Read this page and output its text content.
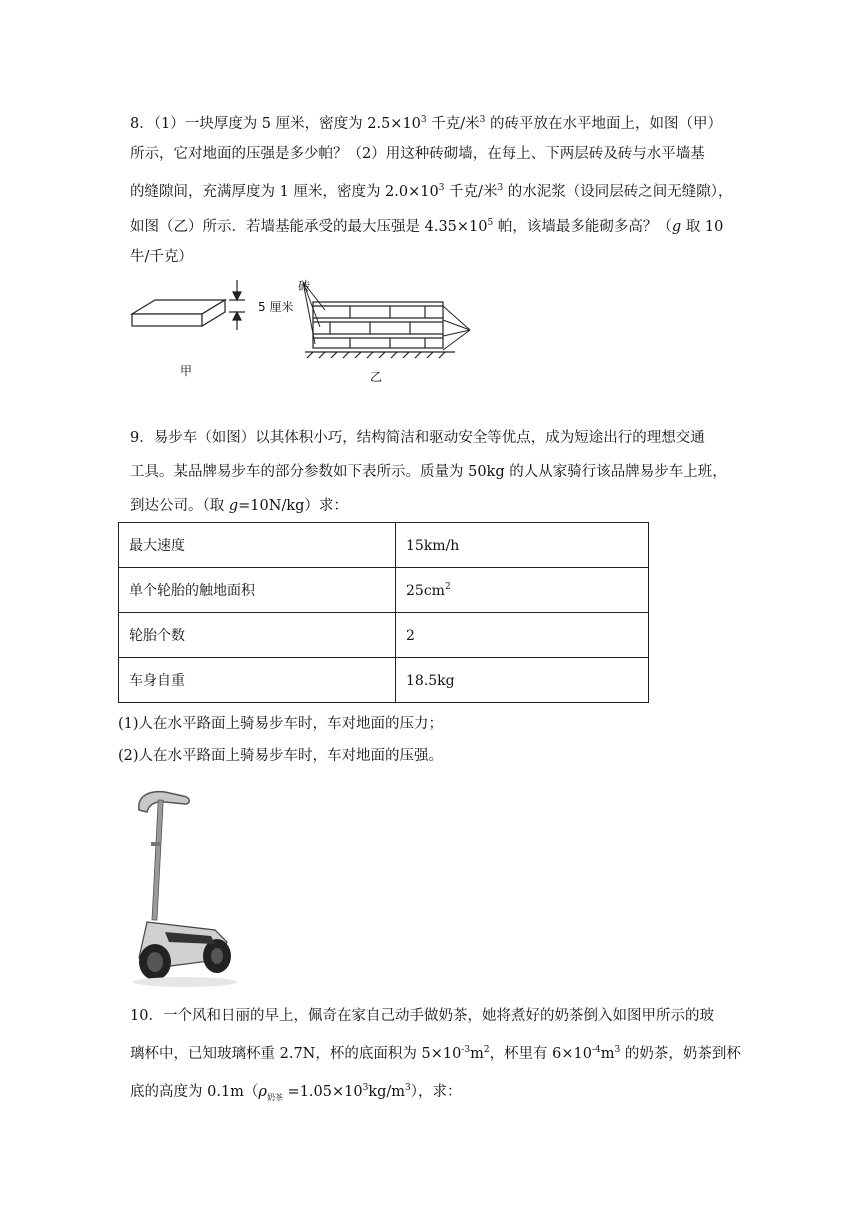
8．（1）一块厚度为 5 厘米，密度为 $2.5\times 10^3$ 千克/米$^3$ 的砖平放在水平地面上，如图（甲）
所示，它对地面的压强是多少帕？（2）用这种砖砌墙，在每上、下两层砖及砖与水平墙基
的缝隙间，充满厚度为 1 厘米，密度为 $2.0\times 10^3$ 千克/米$^3$ 的水泥浆（设同层砖之间无缝隙），
如图（乙）所示．若墙基能承受的最大压强是 $4.35\times 10^5$ 帕，该墙最多能砌多高？（g 取 10
牛/千克）
5 厘米
砖
甲	乙
9．易步车（如图）以其体积小巧，结构简洁和驱动安全等优点，成为短途出行的理想交通
工具。某品牌易步车的部分参数如下表所示。质量为 50kg 的人从家骑行该品牌易步车上班，
到达公司。（取 g=10N/kg）求：
最大速度	15km/h
单个轮胎的触地面积	$25cm^2$
轮胎个数	2
车身自重	18.5kg
(1)人在水平路面上骑易步车时，车对地面的压力；
(2)人在水平路面上骑易步车时，车对地面的压强。
10．一个风和日丽的早上，佩奇在家自己动手做奶茶，她将煮好的奶茶倒入如图甲所示的玻
璃杯中，已知玻璃杯重 2.7N，杯的底面积为 $5\times 10^{-3}m^2$，杯里有 $6\times 10^{-4}m^3$ 的奶茶，奶茶到杯
底的高度为 $0.1m(\rho_{奶茶} =1.05\times 10^3kg/m^3)$，求：
